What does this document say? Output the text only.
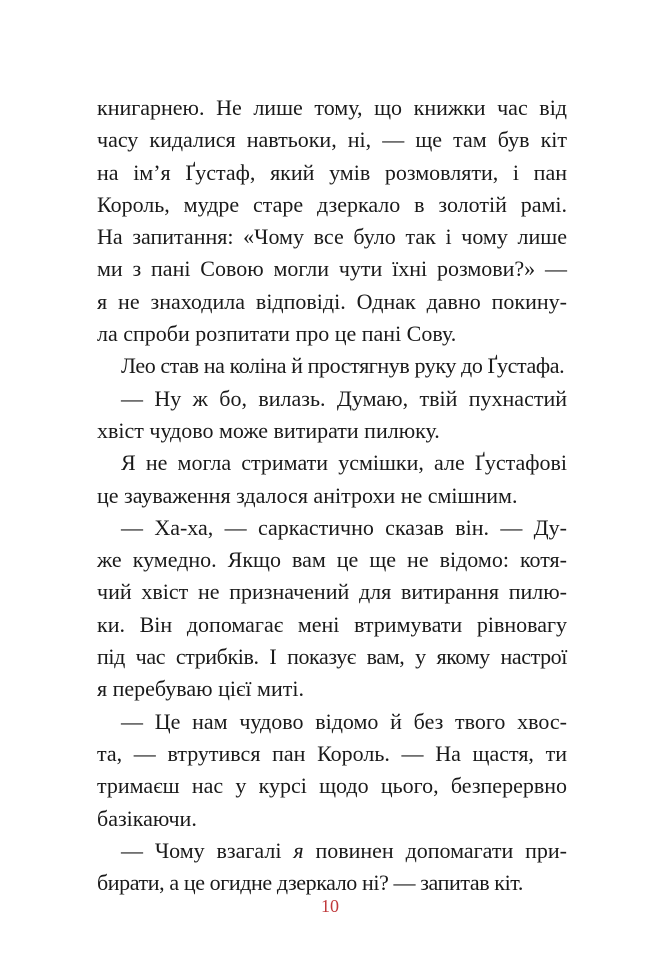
книгарнею. Не лише тому, що книжки час від
часу кидалися навтьоки, ні, — ще там був кіт
на ім’я Ґустаф, який умів розмовляти, і пан
Король, мудре старе дзеркало в золотій рамі.
На запитання: «Чому все було так і чому лише
ми з пані Совою могли чути їхні розмови?» —
я не знаходила відповіді. Однак давно покину-
ла спроби розпитати про це пані Сову.
Лео став на коліна й простягнув руку до Ґустафа.
— Ну ж бо, вилазь. Думаю, твій пухнастий
хвіст чудово може витирати пилюку.
Я не могла стримати усмішки, але Ґустафові
це зауваження здалося анітрохи не смішним.
— Ха-ха, — саркастично сказав він. — Ду-
же кумедно. Якщо вам це ще не відомо: котя-
чий хвіст не призначений для витирання пилю-
ки. Він допомагає мені втримувати рівновагу
під час стрибків. І показує вам, у якому настрої
я перебуваю цієї миті.
— Це нам чудово відомо й без твого хвос-
та, — втрутився пан Король. — На щастя, ти
тримаєш нас у курсі щодо цього, безперервно
базікаючи.
— Чому взагалі я повинен допомагати при-
бирати, а це огидне дзеркало ні? — запитав кіт.
10
